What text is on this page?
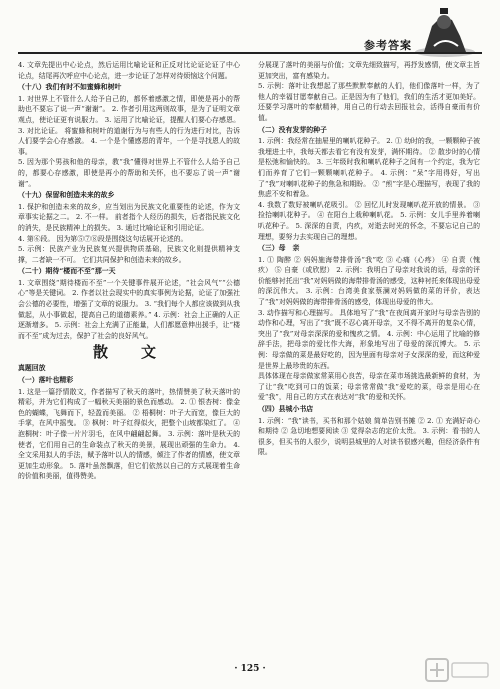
参考答案

4. 文章先提出中心论点，然后运用比喻论证和正反对比论证论证了中心论点，结尾再次呼应中心论点，进一步论证了怎样对待烦恼这个问题。

（十八）我们有时不如蜜蜂和树叶

1. 对世界上不管什么人给予自己的，都怀着感激之情，即使是再小的帮助也不要忘了说一声“谢谢”。 2. 作者引用这两则故事，是为了证明文章观点，使论证更有说服力。 3. 运用了比喻论证，提醒人们要心存感恩。 3. 对比论证。 将蜜蜂和树叶的道谢行为与有些人的行为进行对比，告诉人们要学会心存感激。 4. 一个是个懂感恩的青年，一个是寻找恩人的故事。

5. 因为那个男孩和他的母亲，教“我”懂得对世界上不管什么人给予自己的，都要心存感激，即使是再小的帮助和关怀，也不要忘了说一声“谢谢”。

（十九）保留和创造未来的故乡

1. 保护和创造未来的故乡，应当划出为民族文化重要性的论述，作为文章事实论据之二。 2. 不一样。 前者指个人经历的损失，后者指民族文化的消失，是民族精神上的损失。 3. 通过比喻论证和引用论证。

4. 第⑥段。 因为第⑤⑦⑧段是围绕这句话展开论述的。

5. 示例：民族产业为民族复兴提供物质基础，民族文化则提供精神支撑，二者缺一不可。 它们共同保护和创造未来的故乡。

（二十）期待“楼而不至”那一天

1. 文章围绕“期待楼而不至”一个关键事件展开论述，“社会风气”“公德心”等是关键词。 2. 作者以社会现实中的真实事例为论据，论证了加强社会公德的必要性，增强了文章的说服力。 3. “我们每个人都应该做到从我做起，从小事做起，提高自己的道德素养。” 4. 示例：社会上正确的人正逐渐增多。 5. 示例：社会上充满了正能量，人们都愿意伸出援手，让“楼而不至”成为过去，保护了社会的良好风气。

散　文

真题回放

（一）落叶也精彩

1. 这是一篇抒情散文，作者描写了秋天的落叶，热情赞美了秋天落叶的精彩，并为它们构成了一幅秋天美丽的景色而感动。 2. ① 银杏树：像金色的蝴蝶，飞舞而下，轻盈而美丽。 ② 梧桐树：叶子大而宽，像巨大的手掌，在风中摇曳。 ③ 枫树：叶子红得似火，把整个山坡都染红了。 ④ 泡桐树：叶子像一片片羽毛，在风中翩翩起舞。 3. 示例：落叶是秋天的使者，它们用自己的生命装点了秋天的美景，展现出顽强的生命力。 4. 全文采用拟人的手法，赋予落叶以人的情感，倾注了作者的情感，使文章更加生动形象。 5. 落叶虽然飘落，但它们依然以自己的方式展现着生命的价值和美丽，值得赞美。

分展现了落叶的美丽与价值；文章先细致描写，再抒发感情，使文章主旨更加突出，富有感染力。

5. 示例：落叶让我想起了那些默默奉献的人们，他们像落叶一样，为了他人的幸福甘愿奉献自己。正是因为有了他们，我们的生活才更加美好。还要学习落叶的奉献精神，用自己的行动去回报社会，活得自豪而有价值。

（二）没有发芽的种子

1. 示例：我经常在抽屉里的喇叭花种子。 2. ① 幼时的我，一颗颗种子被我埋进土中，我每天都去看它有没有发芽，满怀期待。 ② 散步时的心情是松弛和愉快的。 3. 三年级时我和喇叭花种子之间有一个约定，我为它们而养育了它们一颗颗喇叭花种子。 4. 示例：“呆”字用得好，写出了“我”对喇叭花种子的焦急和期盼。 ② “煎”字是心理描写，表现了我的焦虑不安和着急。

4. 我数了数好被喇叭花吸引。 ② 回忆儿时发现喇叭花开放的情景。 ③ 捡拾喇叭花种子。 ④ 在阳台上栽种喇叭花。 5. 示例：女儿手里养着喇叭花种子。 5. 深深的自责，内疚，对逝去时光的怀念，不要忘记自己的理想，要努力去实现自己的理想。

（三）母　亲

1. ① 陶醉 ② 妈妈施海带排骨汤“我”吃 ③ 心痛（心疼） ④ 自责（愧疚） ⑤ 自豪（或欣慰） 2. 示例：我明白了母亲对我说的话，母亲的评价能够衬托出“我”对妈妈做的海带排骨汤的感受，这种衬托来体现出母爱的深沉伟大。 3. 示例：台湾美食家蔡澜对妈妈做的菜的评价，表达了“我”对妈妈做的海带排骨汤的感受，体现出母爱的伟大。

3. 动作描写和心理描写。 具体地写了“我”在夜间离开家时与母亲告别的动作和心理，写出了“我”既不忍心离开母亲，又不得不离开的复杂心情，突出了“我”对母亲深深的爱和愧疚之情。 4. 示例：中心运用了比喻的修辞手法，把母亲的爱比作大海，形象地写出了母爱的深沉博大。 5. 示例：母亲做的菜是最好吃的，因为里面有母亲对子女深深的爱，而这种爱是世界上最珍贵的东西。

具体体现在母亲做家常菜用心良苦，母亲在菜市场挑选最新鲜的食材，为了让“我”吃到可口的饭菜；母亲常常做“我”爱吃的菜，母亲是用心在爱“我”，用自己的方式在表达对“我”的爱和关怀。

（四）县城小书店

1. 示例：“我”读书，买书和那个姑娘 简单告别书摊 ② 2. ① 充满好奇心和期待 ② 急切地想要阅读 ③ 觉得杂志的定价太贵。 3. 示例：看书的人很多，但买书的人很少，说明县城里的人对读书很感兴趣，但经济条件有限。

· 125 ·
